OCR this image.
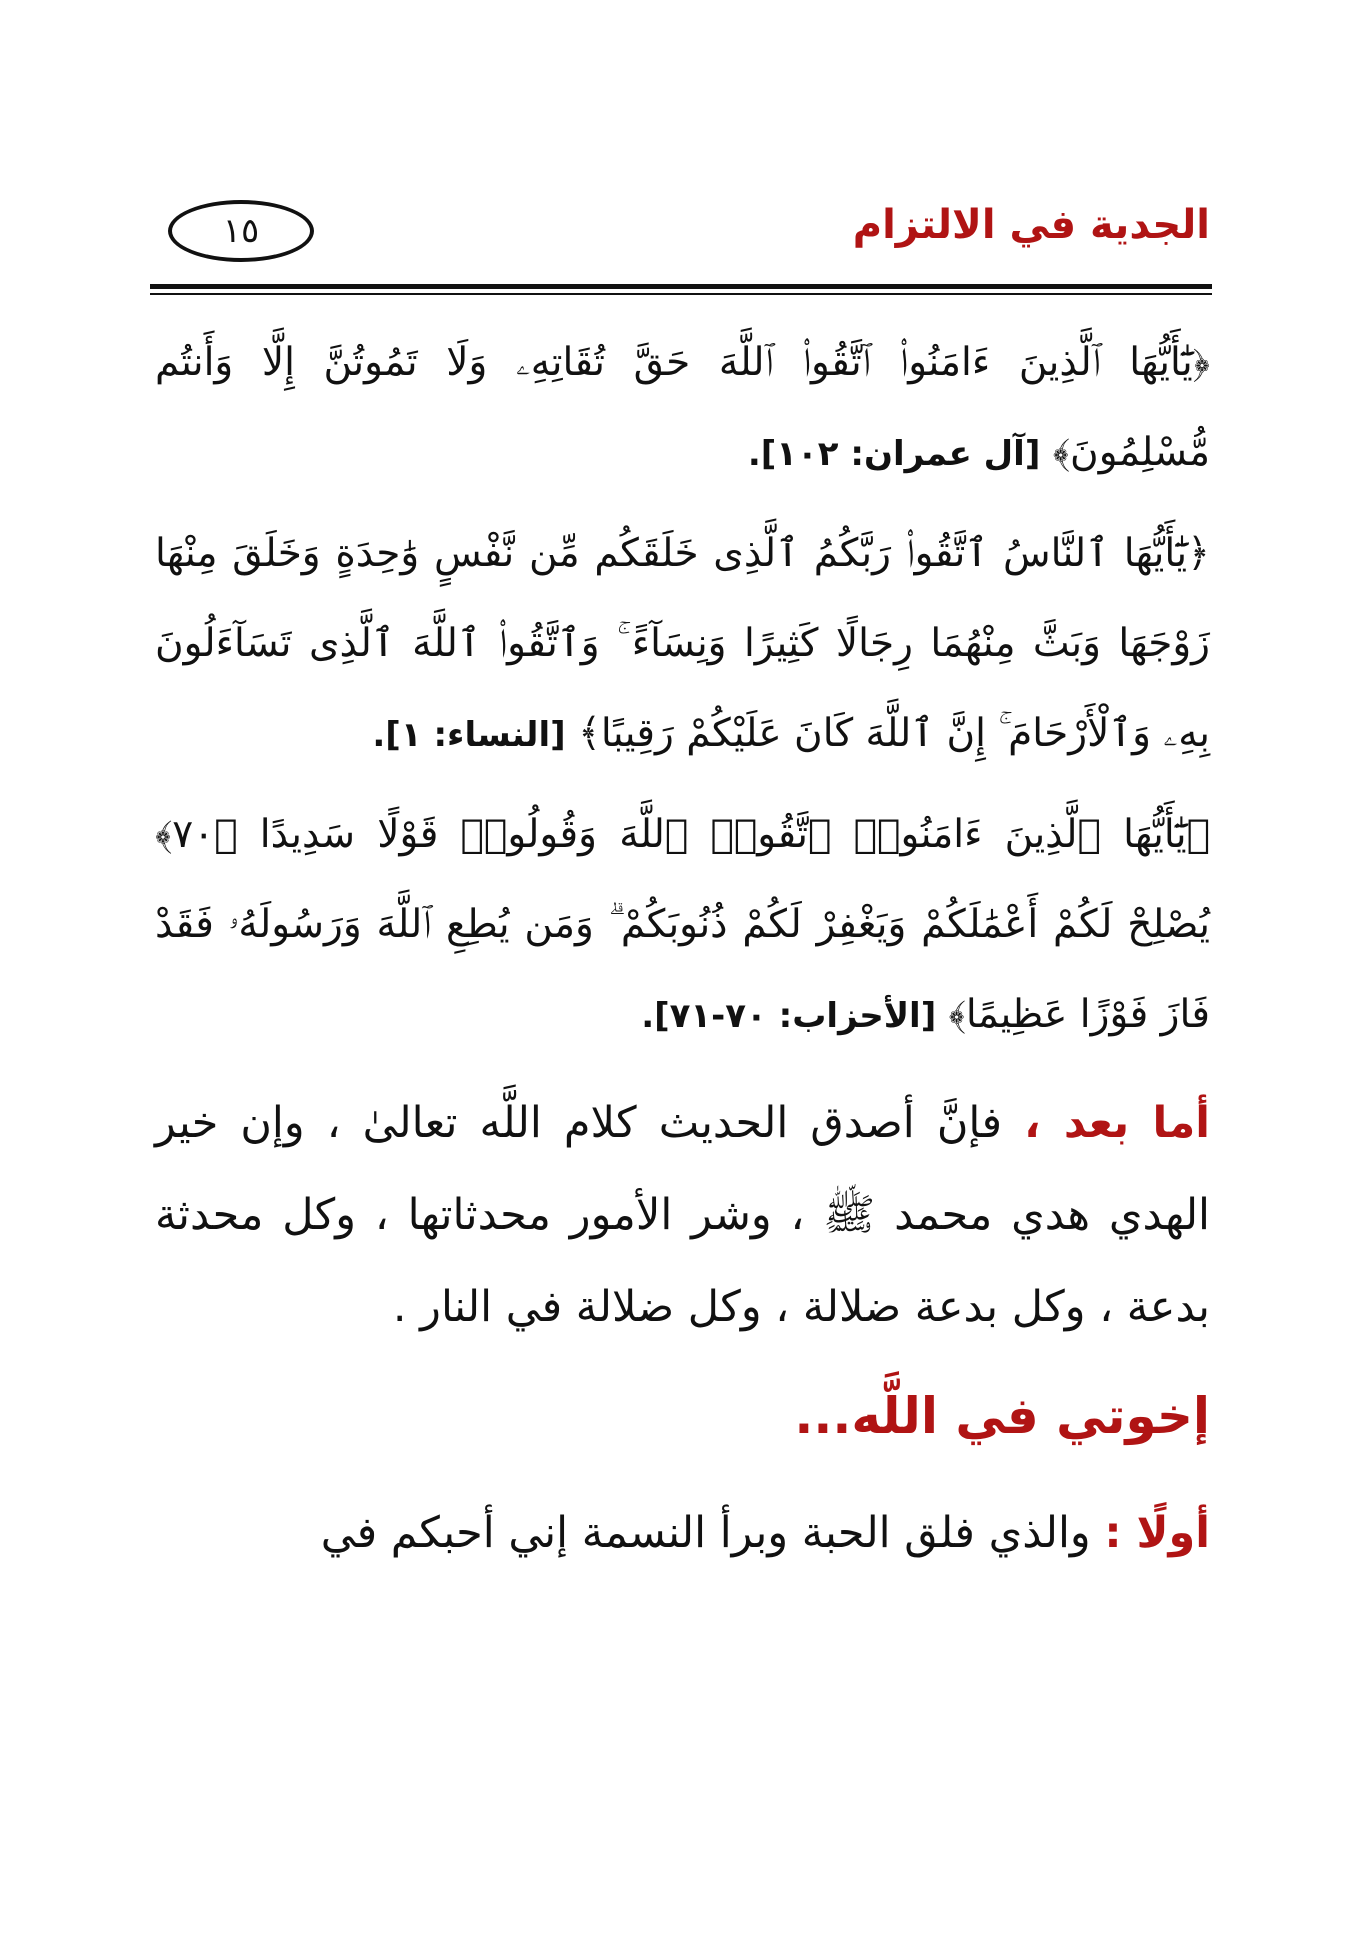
الجدية في الالتزام
١٥

﴿يَٰٓأَيُّهَا ٱلَّذِينَ ءَامَنُوا۟ ٱتَّقُوا۟ ٱللَّهَ حَقَّ تُقَاتِهِۦ وَلَا تَمُوتُنَّ إِلَّا وَأَنتُم مُّسْلِمُونَ﴾ [آل عمران: ١٠٢].

﴿يَٰٓأَيُّهَا ٱلنَّاسُ ٱتَّقُوا۟ رَبَّكُمُ ٱلَّذِى خَلَقَكُم مِّن نَّفْسٍ وَٰحِدَةٍ وَخَلَقَ مِنْهَا زَوْجَهَا وَبَثَّ مِنْهُمَا رِجَالًا كَثِيرًا وَنِسَآءً ۚ وَٱتَّقُوا۟ ٱللَّهَ ٱلَّذِى تَسَآءَلُونَ بِهِۦ وَٱلْأَرْحَامَ ۚ إِنَّ ٱللَّهَ كَانَ عَلَيْكُمْ رَقِيبًا﴾ [النساء: ١].

﴿يَٰٓأَيُّهَا ٱلَّذِينَ ءَامَنُوا۟ ٱتَّقُوا۟ ٱللَّهَ وَقُولُوا۟ قَوْلًا سَدِيدًا ﴿٧٠﴾ يُصْلِحْ لَكُمْ أَعْمَٰلَكُمْ وَيَغْفِرْ لَكُمْ ذُنُوبَكُمْ ۗ وَمَن يُطِعِ ٱللَّهَ وَرَسُولَهُۥ فَقَدْ فَازَ فَوْزًا عَظِيمًا﴾ [الأحزاب: ٧٠-٧١].

أما بعد ، فإنَّ أصدق الحديث كلام اللَّه تعالىٰ ، وإن خير الهدي هدي محمد ﷺ ، وشر الأمور محدثاتها ، وكل محدثة بدعة ، وكل بدعة ضلالة ، وكل ضلالة في النار .

إخوتي في اللَّه...

أولًا : والذي فلق الحبة وبرأ النسمة إني أحبكم في
